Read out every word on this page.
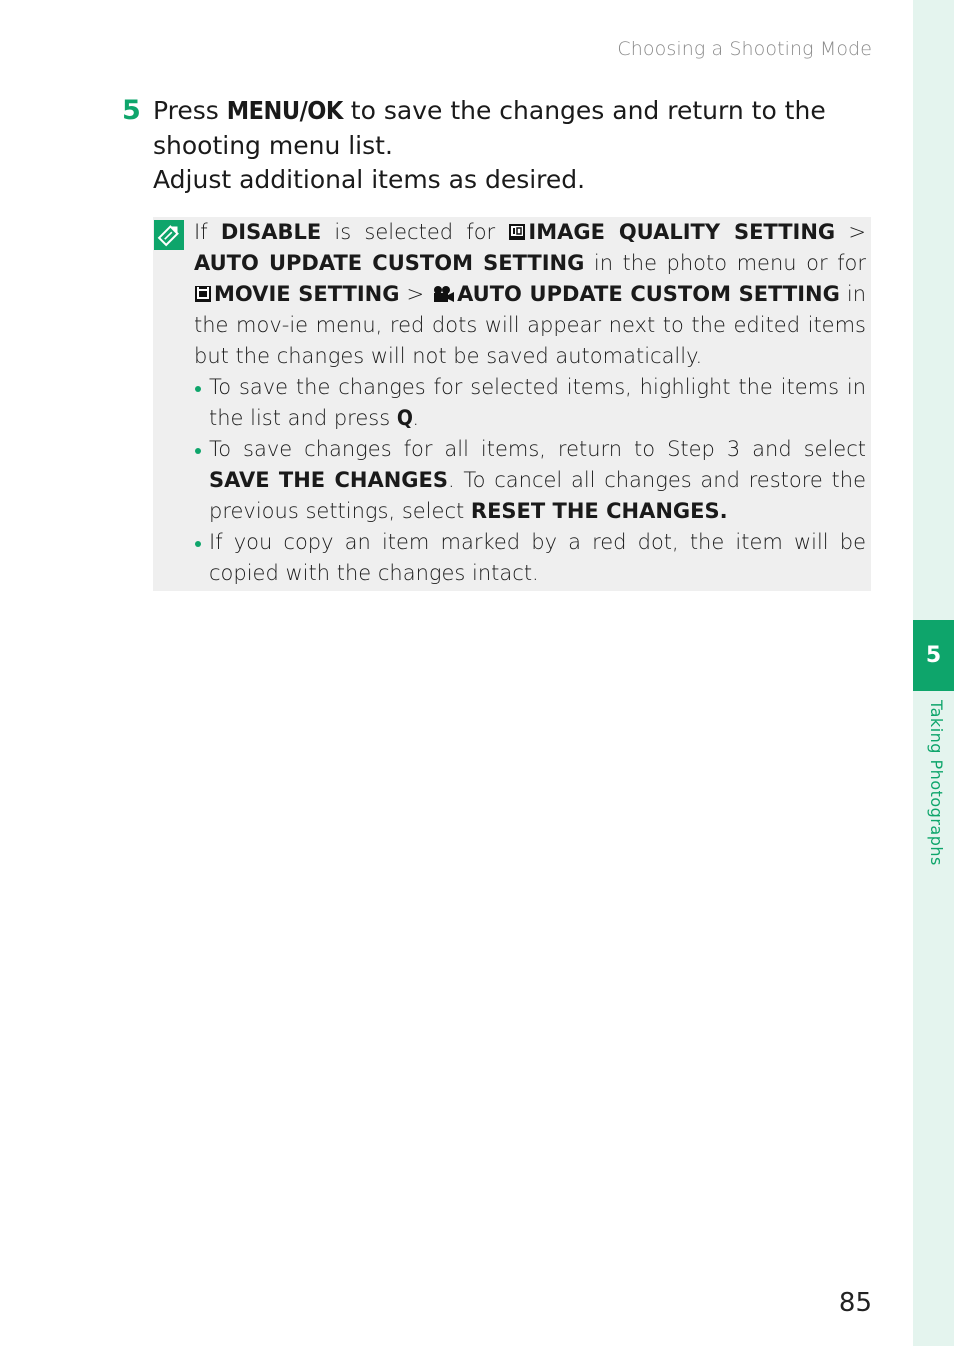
Choosing a Shooting Mode
5
Taking Photographs
5 Press MENU/OK to save the changes and return to the shooting menu list.
Adjust additional items as desired.

If DISABLE is selected for IMAGE QUALITY SETTING > AUTO UPDATE CUSTOM SETTING in the photo menu or for MOVIE SETTING > AUTO UPDATE CUSTOM SETTING in the mov-ie menu, red dots will appear next to the edited items but the changes will not be saved automatically.

To save the changes for selected items, highlight the items in the list and press Q.
To save changes for all items, return to Step 3 and select SAVE THE CHANGES. To cancel all changes and restore the previous settings, select RESET THE CHANGES.
If you copy an item marked by a red dot, the item will be copied with the changes intact.
85
